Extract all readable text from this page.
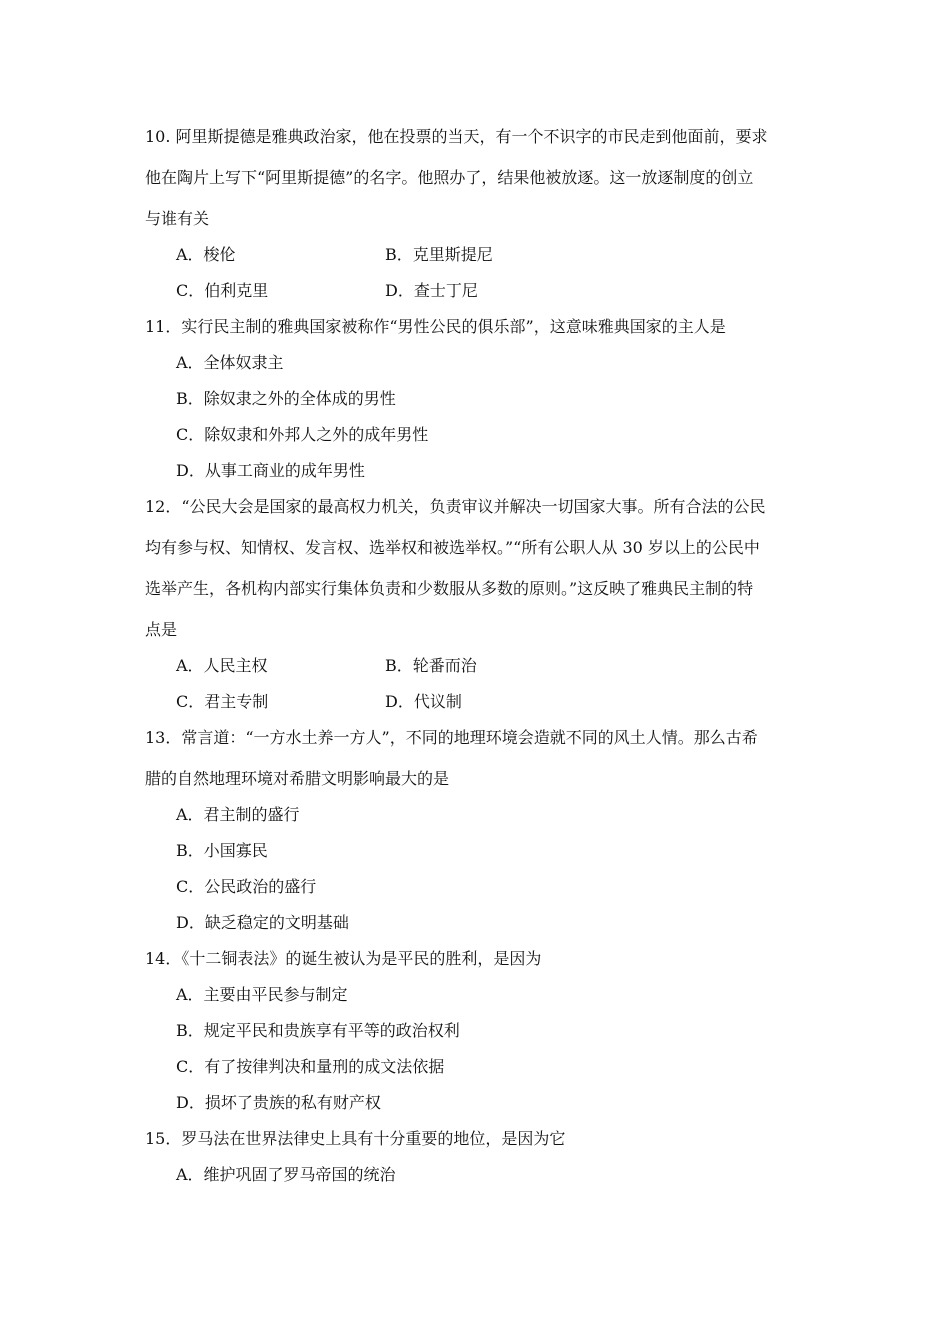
10. 阿里斯提德是雅典政治家，他在投票的当天，有一个不识字的市民走到他面前，要求
他在陶片上写下“阿里斯提德”的名字。他照办了，结果他被放逐。这一放逐制度的创立
与谁有关
A．梭伦	B．克里斯提尼
C．伯利克里	D．查士丁尼
11．实行民主制的雅典国家被称作“男性公民的俱乐部”，这意味雅典国家的主人是
A．全体奴隶主
B．除奴隶之外的全体成的男性
C．除奴隶和外邦人之外的成年男性
D．从事工商业的成年男性
12．“公民大会是国家的最高权力机关，负责审议并解决一切国家大事。所有合法的公民
均有参与权、知情权、发言权、选举权和被选举权。”“所有公职人从 30 岁以上的公民中
选举产生，各机构内部实行集体负责和少数服从多数的原则。”这反映了雅典民主制的特
点是
A．人民主权	B．轮番而治
C．君主专制	D．代议制
13．常言道：“一方水土养一方人”，不同的地理环境会造就不同的风土人情。那么古希
腊的自然地理环境对希腊文明影响最大的是
A．君主制的盛行
B．小国寡民
C．公民政治的盛行
D．缺乏稳定的文明基础
14．《十二铜表法》的诞生被认为是平民的胜利，是因为
A．主要由平民参与制定
B．规定平民和贵族享有平等的政治权利
C．有了按律判决和量刑的成文法依据
D．损坏了贵族的私有财产权
15．罗马法在世界法律史上具有十分重要的地位，是因为它
A．维护巩固了罗马帝国的统治
